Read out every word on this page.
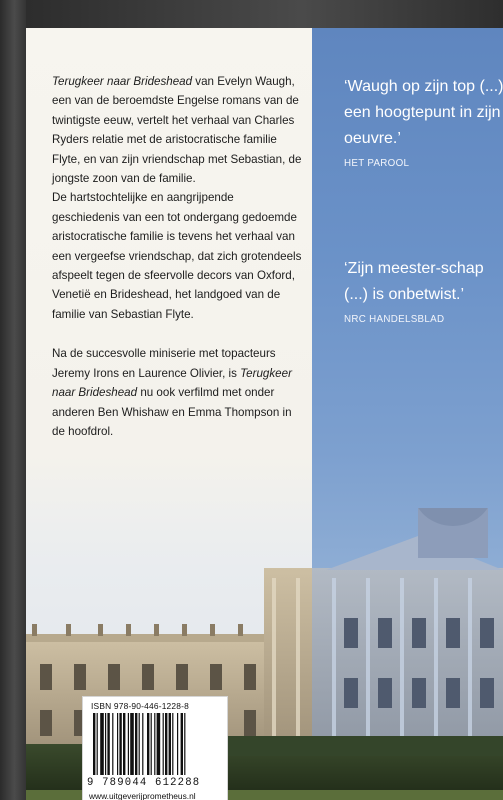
Terugkeer naar Brideshead van Evelyn Waugh, een van de beroemdste Engelse romans van de twintigste eeuw, vertelt het verhaal van Charles Ryders relatie met de aristocratische familie Flyte, en van zijn vriendschap met Sebastian, de jongste zoon van de familie.

De hartstochtelijke en aangrijpende geschiedenis van een tot ondergang gedoemde aristocratische familie is tevens het verhaal van een vergeefse vriendschap, dat zich grotendeels afspeelt tegen de sfeervolle decors van Oxford, Venetië en Brideshead, het landgoed van de familie van Sebastian Flyte.

Na de succesvolle miniserie met topacteurs Jeremy Irons en Laurence Olivier, is Terugkeer naar Brideshead nu ook verfilmd met onder anderen Ben Whishaw en Emma Thompson in de hoofdrol.

‘Waugh op zijn top (...) een hoogtepunt in zijn oeuvre.’

HET PAROOL

‘Zijn meester-schap (...) is onbetwist.’

NRC HANDELSBLAD
ISBN 978-90-446-1228-8
9 789044 612288
www.uitgeverijprometheus.nl
